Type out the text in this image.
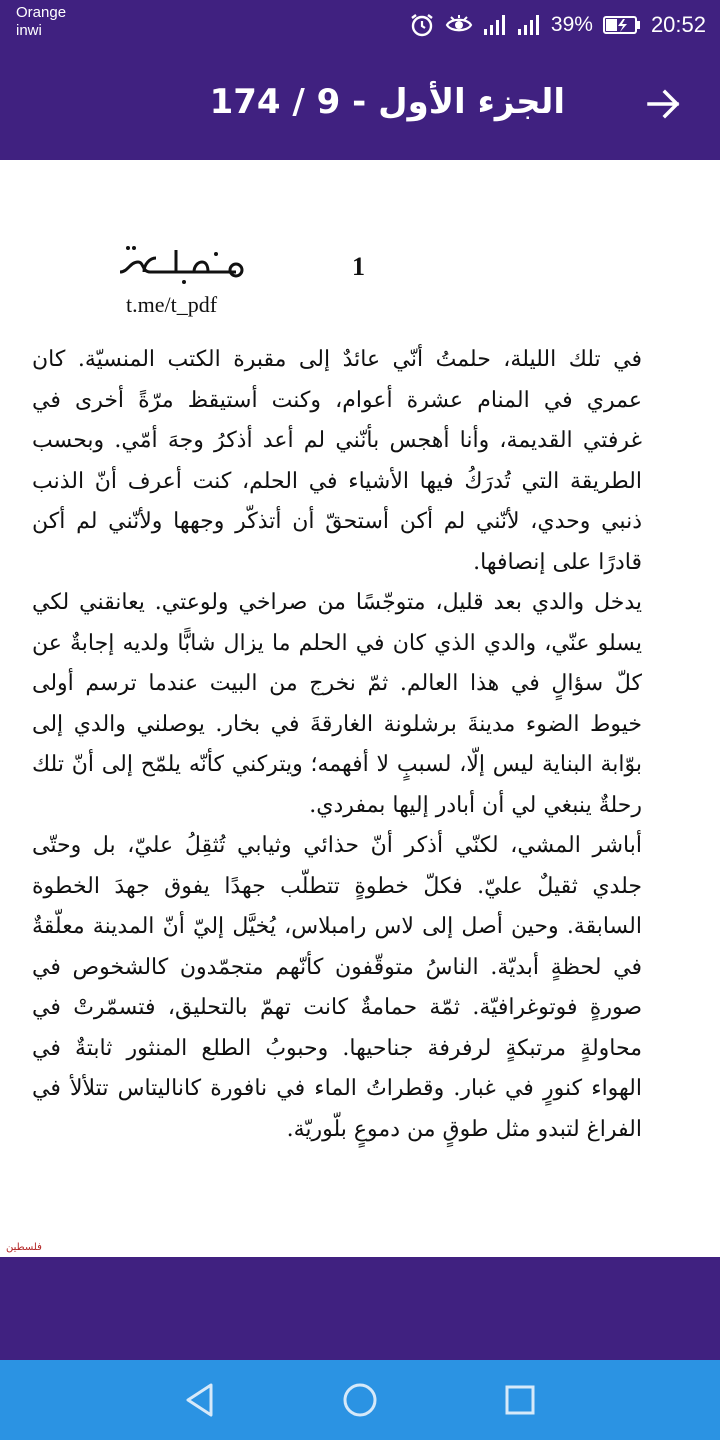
Orange
inwi	39%	20:52
الجزء الأول - 9 / 174
t.me/t_pdf
1

في تلك الليلة، حلمتُ أنّي عائدٌ إلى مقبرة الكتب المنسيّة. كان عمري في المنام عشرة أعوام، وكنت أستيقظ مرّةً أخرى في غرفتي القديمة، وأنا أهجس بأنّني لم أعد أذكرُ وجهَ أمّي. وبحسب الطريقة التي تُدرَكُ فيها الأشياء في الحلم، كنت أعرف أنّ الذنب ذنبي وحدي، لأنّني لم أكن أستحقّ أن أتذكّر وجهها ولأنّني لم أكن قادرًا على إنصافها.

يدخل والدي بعد قليل، متوجّسًا من صراخي ولوعتي. يعانقني لكي يسلو عنّي، والدي الذي كان في الحلم ما يزال شابًّا ولديه إجابةٌ عن كلّ سؤالٍ في هذا العالم. ثمّ نخرج من البيت عندما ترسم أولى خيوط الضوء مدينةَ برشلونة الغارقةَ في بخار. يوصلني والدي إلى بوّابة البناية ليس إلّا، لسببٍ لا أفهمه؛ ويتركني كأنّه يلمّح إلى أنّ تلك رحلةٌ ينبغي لي أن أبادر إليها بمفردي.

أباشر المشي، لكنّي أذكر أنّ حذائي وثيابي تُثقِلُ عليّ، بل وحتّى جلدي ثقيلٌ عليّ. فكلّ خطوةٍ تتطلّب جهدًا يفوق جهدَ الخطوة السابقة. وحين أصل إلى لاس رامبلاس، يُخيَّل إليّ أنّ المدينة معلّقةٌ في لحظةٍ أبديّة. الناسُ متوقّفون كأنّهم متجمّدون كالشخوص في صورةٍ فوتوغرافيّة. ثمّة حمامةٌ كانت تهمّ بالتحليق، فتسمّرتْ في محاولةٍ مرتبكةٍ لرفرفة جناحيها. وحبوبُ الطلع المنثور ثابتةٌ في الهواء كنورٍ في غبار. وقطراتُ الماء في نافورة كاناليتاس تتلألأ في الفراغ لتبدو مثل طوقٍ من دموعٍ بلّوريّة.

فلسطين
